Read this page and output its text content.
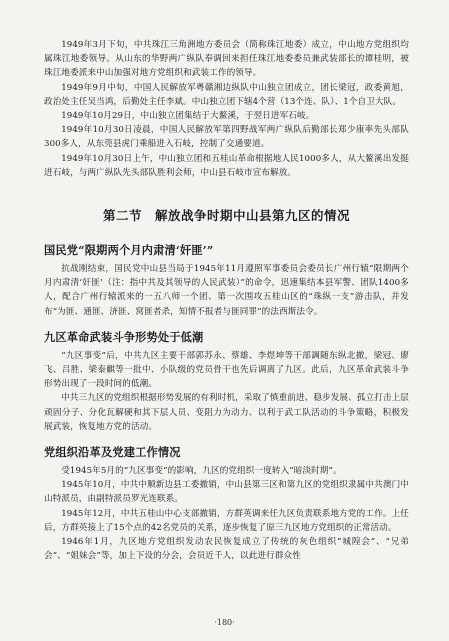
1949年3月下旬，中共珠江三角洲地方委员会（简称珠江地委）成立，中山地方党组织均属珠江地委领导。从山东的华野两广纵队奉调回来担任珠江地委委员兼武装部长的谭桂明，被珠江地委派来中山加强对地方党组织和武装工作的领导。

1949年9月中旬，中国人民解放军粤赣湘边纵队中山独立团成立，团长梁冠，政委黄旭，政治处主任吴当鸿，后勤处主任李斌。中山独立团下辖4个营（13个连、队）、1个自卫大队。

1949年10月29日，中山独立团集结于大鳌溪，于翌日进军石岐。

1949年10月30日凌晨，中国人民解放军第四野战军两广纵队后勤部长郑少康率先头部队300多人，从东莞县虎门乘船进入石岐，控制了交通要道。

1949年10月30日上午，中山独立团和五桂山革命根据地人民1000多人，从大鳌溪出发挺进石岐，与两广纵队先头部队胜利会师，中山县石岐市宣布解放。

第二节　解放战争时期中山县第九区的情况
国民党“限期两个月内肃清‘奸匪’”

抗战刚结束，国民党中山县当局于1945年11月遵照军事委员会委员长广州行辕“限期两个月内肃清‘奸匪’（注：指中共及其领导的人民武装）”的命令，迅速集结本县军警、团队1400多人，配合广州行辕派来的一五八师一个团、第一次围攻五桂山区的“珠纵一支”游击队，并发布“为匪、通匪、济匪、窝匪者杀，知情不报者与匪同罪”的法西斯法令。

九区革命武装斗争形势处于低潮

“九区事变”后，中共九区主要干部郭苏永、蔡雄、李煜坤等干部調随东纵北撤，梁冠、廖飞、吕胜、梁泰麒等一批中、小队级的党员骨干也先后调离了九区。此后，九区革命武装斗争形势出现了一段时间的低潮。

中共三九区的党组织根据形势发展的有利时机，采取了慎重前进、稳步发展、孤立打击上层顽固分子、分化瓦解硬和其下层人员、变阻力为动力、以利于武工队活动的斗争策略，积极发展武装，恢复地方党的活动。

党组织沿革及党建工作情况

受1945年5月的“九区事变”的影响，九区的党组织一度转入“暗淡时期”。

1945年10月，中共中顺新边县工委撤销，中山县第三区和第九区的党组织隶属中共澳门中山特派员，由副特派员罗光连联系。

1945年12月，中共五桂山中心支部撤销，方群英调来任九区负责联系地方党的工作。上任后，方群英接上了15个点的42名党员的关系，逐步恢复了原三九区地方党组织的正常活动。

1946年1月，九区地方党组织发动农民恢复成立了传统的灰色组织“城隍会”、“兄弟会”、“姐妹会”等，加上下设的分会，会员近千人，以此进行群众性

·180·
